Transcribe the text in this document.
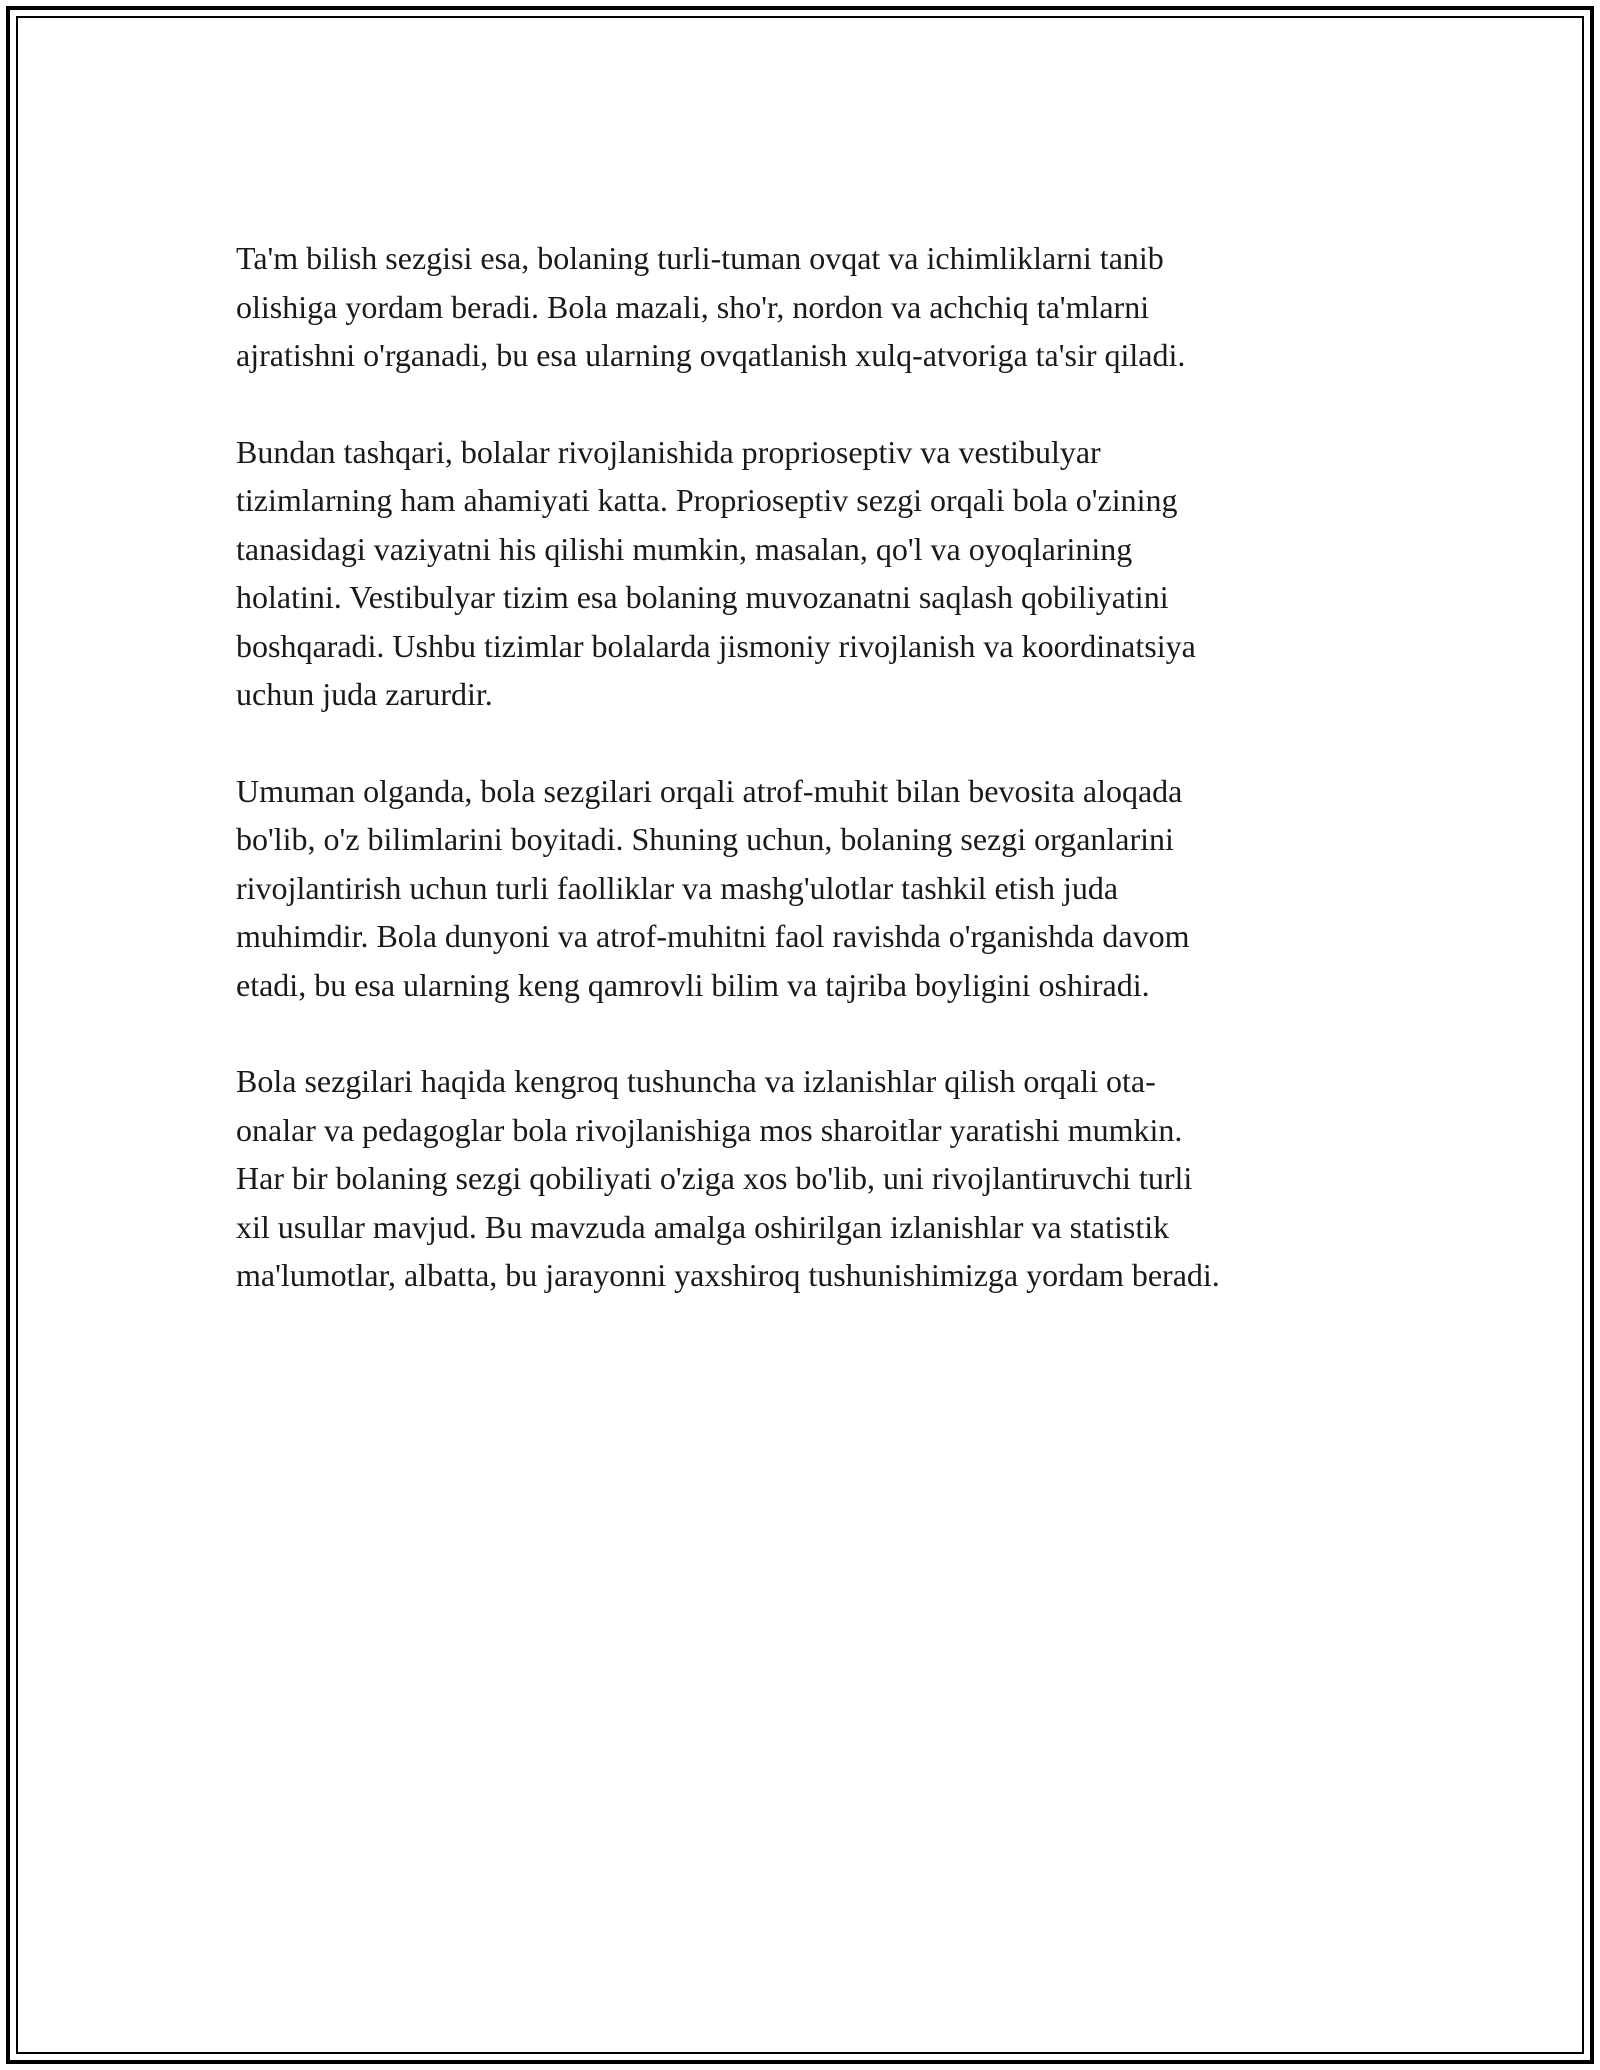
Ta'm bilish sezgisi esa, bolaning turli-tuman ovqat va ichimliklarni tanib
olishiga yordam beradi. Bola mazali, sho'r, nordon va achchiq ta'mlarni
ajratishni o'rganadi, bu esa ularning ovqatlanish xulq-atvoriga ta'sir qiladi.

Bundan tashqari, bolalar rivojlanishida proprioseptiv va vestibulyar
tizimlarning ham ahamiyati katta. Proprioseptiv sezgi orqali bola o'zining
tanasidagi vaziyatni his qilishi mumkin, masalan, qo'l va oyoqlarining
holatini. Vestibulyar tizim esa bolaning muvozanatni saqlash qobiliyatini
boshqaradi. Ushbu tizimlar bolalarda jismoniy rivojlanish va koordinatsiya
uchun juda zarurdir.

Umuman olganda, bola sezgilari orqali atrof-muhit bilan bevosita aloqada
bo'lib, o'z bilimlarini boyitadi. Shuning uchun, bolaning sezgi organlarini
rivojlantirish uchun turli faolliklar va mashg'ulotlar tashkil etish juda
muhimdir. Bola dunyoni va atrof-muhitni faol ravishda o'rganishda davom
etadi, bu esa ularning keng qamrovli bilim va tajriba boyligini oshiradi.

Bola sezgilari haqida kengroq tushuncha va izlanishlar qilish orqali ota-
onalar va pedagoglar bola rivojlanishiga mos sharoitlar yaratishi mumkin.
Har bir bolaning sezgi qobiliyati o'ziga xos bo'lib, uni rivojlantiruvchi turli
xil usullar mavjud. Bu mavzuda amalga oshirilgan izlanishlar va statistik
ma'lumotlar, albatta, bu jarayonni yaxshiroq tushunishimizga yordam beradi.
